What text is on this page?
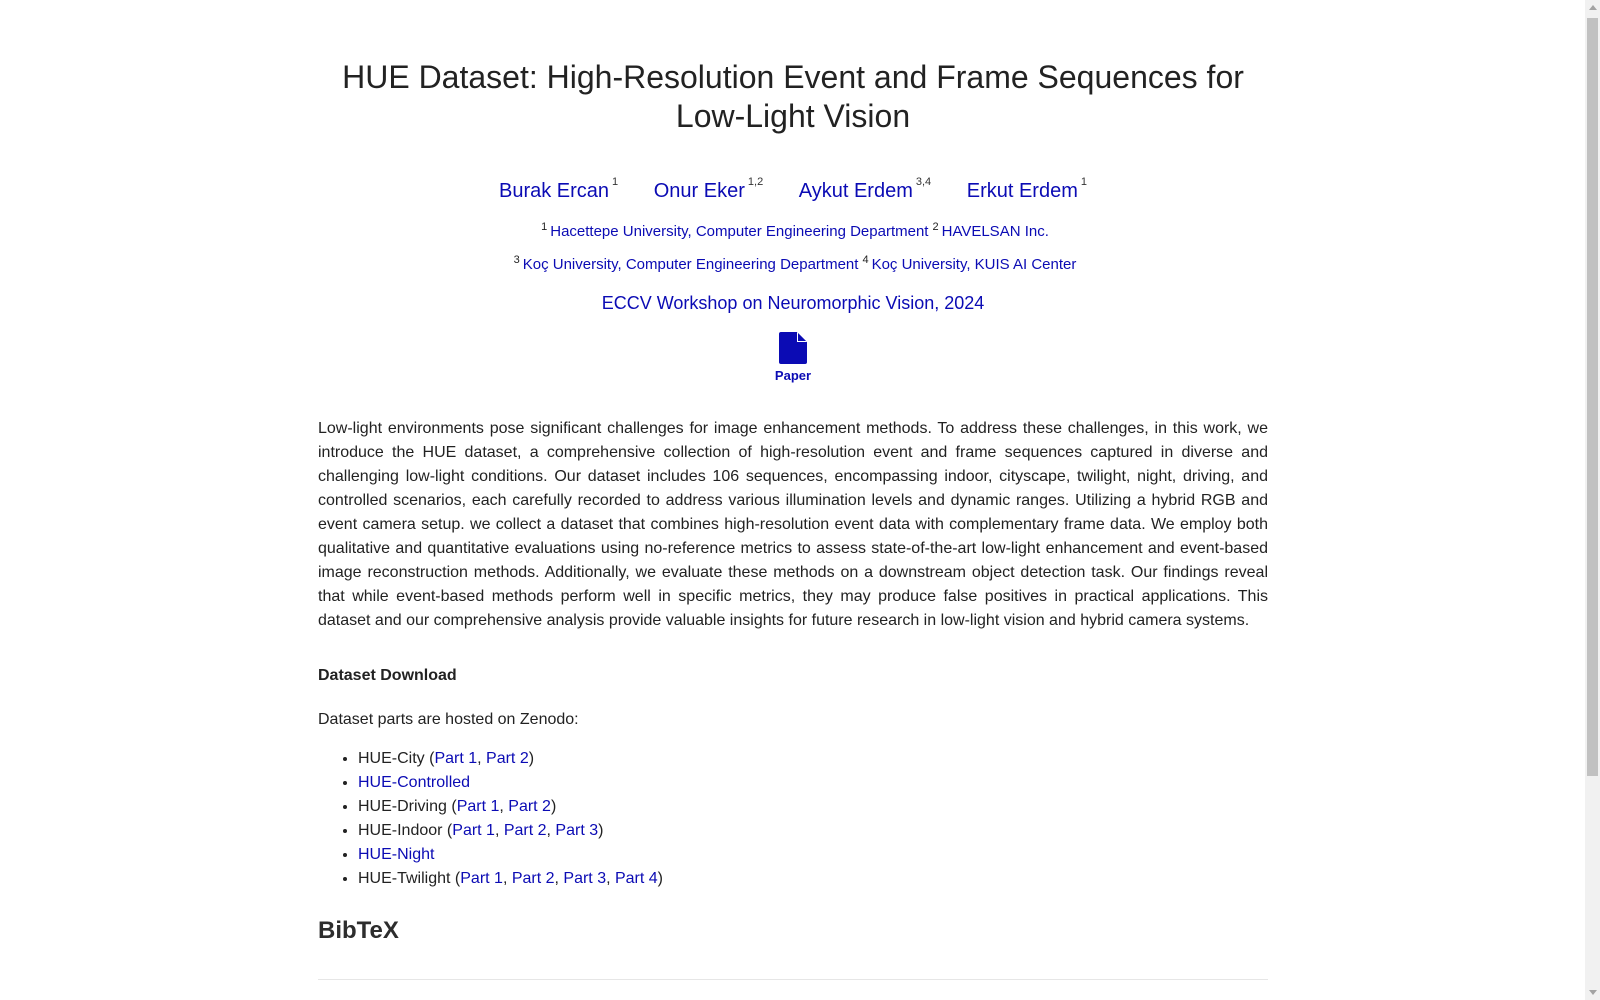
HUE Dataset: High-Resolution Event and Frame Sequences for Low-Light Vision
Burak Ercan $^1$ Onur Eker $^{1,2}$ Aykut Erdem $^{3,4}$ Erkut Erdem $^1$
$^1$ Hacettepe University, Computer Engineering Department $^2$ HAVELSAN Inc.
$^3$ Koç University, Computer Engineering Department $^4$ Koç University, KUIS AI Center
ECCV Workshop on Neuromorphic Vision, 2024
Paper

Low-light environments pose significant challenges for image enhancement methods. To address these challenges, in this work, we introduce the HUE dataset, a comprehensive collection of high-resolution event and frame sequences captured in diverse and challenging low-light conditions. Our dataset includes 106 sequences, encompassing indoor, cityscape, twilight, night, driving, and controlled scenarios, each carefully recorded to address various illumination levels and dynamic ranges. Utilizing a hybrid RGB and event camera setup. we collect a dataset that combines high-resolution event data with complementary frame data. We employ both qualitative and quantitative evaluations using no-reference metrics to assess state-of-the-art low-light enhancement and event-based image reconstruction methods. Additionally, we evaluate these methods on a downstream object detection task. Our findings reveal that while event-based methods perform well in specific metrics, they may produce false positives in practical applications. This dataset and our comprehensive analysis provide valuable insights for future research in low-light vision and hybrid camera systems.

Dataset Download
Dataset parts are hosted on Zenodo:
• HUE-City (Part 1, Part 2)
• HUE-Controlled
• HUE-Driving (Part 1, Part 2)
• HUE-Indoor (Part 1, Part 2, Part 3)
• HUE-Night
• HUE-Twilight (Part 1, Part 2, Part 3, Part 4)
BibTeX
